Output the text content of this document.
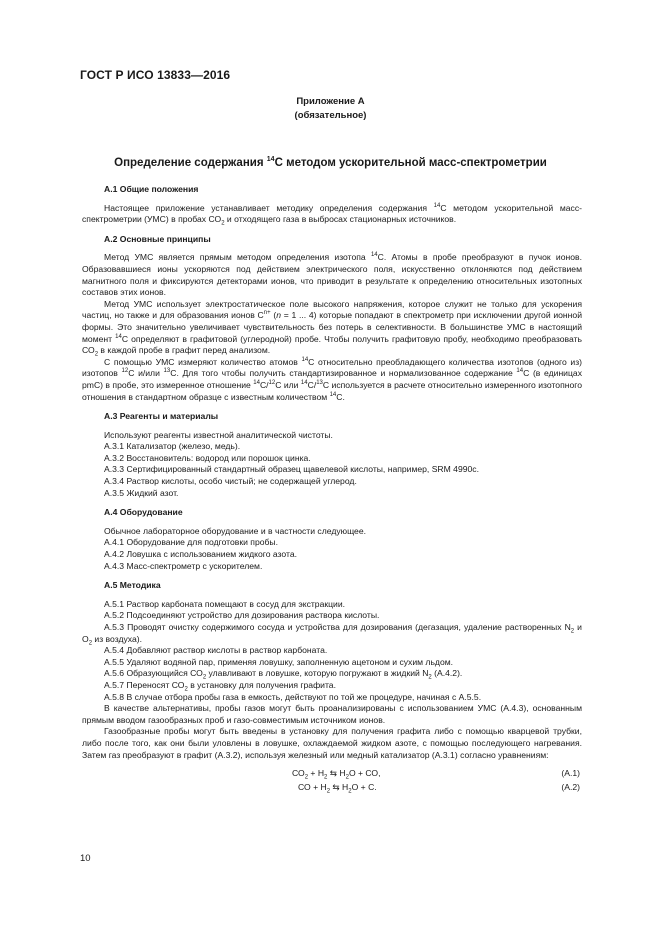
ГОСТ Р ИСО 13833—2016
Приложение А
(обязательное)
Определение содержания $^{14}$С методом ускорительной масс-спектрометрии

А.1 Общие положения

Настоящее приложение устанавливает методику определения содержания $^{14}$С методом ускорительной масс-спектрометрии (УМС) в пробах $СО_2$ и отходящего газа в выбросах стационарных источников.

А.2 Основные принципы

Метод УМС является прямым методом определения изотопа $^{14}$С. Атомы в пробе преобразуют в пучок ионов. Образовавшиеся ионы ускоряются под действием электрического поля, искусственно отклоняются под действием магнитного поля и фиксируются детекторами ионов, что приводит в результате к определению относительных изотопных составов этих ионов.

Метод УМС использует электростатическое поле высокого напряжения, которое служит не только для ускорения частиц, но также и для образования ионов $С^{n+}$ (n = 1 ... 4) которые попадают в спектрометр при исключении другой ионной формы. Это значительно увеличивает чувствительность без потерь в селективности. В большинстве УМС в настоящий момент $^{14}$С определяют в графитовой (углеродной) пробе. Чтобы получить графитовую пробу, необходимо преобразовать $СО_2$ в каждой пробе в графит перед анализом.

С помощью УМС измеряют количество атомов $^{14}$С относительно преобладающего количества изотопов (одного из) изотопов $^{12}$С и/или $^{13}$С. Для того чтобы получить стандартизированное и нормализованное содержание $^{14}$С (в единицах pmC) в пробе, это измеренное отношение $^{14}$С/$^{12}$С или $^{14}$С/$^{13}$С используется в расчете относительно измеренного изотопного отношения в стандартном образце с известным количеством $^{14}$С.

А.3 Реагенты и материалы

Используют реагенты известной аналитической чистоты.

А.3.1 Катализатор (железо, медь).

А.3.2 Восстановитель: водород или порошок цинка.

А.3.3 Сертифицированный стандартный образец щавелевой кислоты, например, SRM 4990c.

А.3.4 Раствор кислоты, особо чистый; не содержащей углерод.

А.3.5 Жидкий азот.

А.4 Оборудование

Обычное лабораторное оборудование и в частности следующее.

А.4.1 Оборудование для подготовки пробы.

А.4.2 Ловушка с использованием жидкого азота.

А.4.3 Масс-спектрометр с ускорителем.

А.5 Методика

А.5.1 Раствор карбоната помещают в сосуд для экстракции.

А.5.2 Подсоединяют устройство для дозирования раствора кислоты.

А.5.3 Проводят очистку содержимого сосуда и устройства для дозирования (дегазация, удаление растворенных $N_2$ и $O_2$ из воздуха).

А.5.4 Добавляют раствор кислоты в раствор карбоната.

А.5.5 Удаляют водяной пар, применяя ловушку, заполненную ацетоном и сухим льдом.

А.5.6 Образующийся $СО_2$ улавливают в ловушке, которую погружают в жидкий $N_2$ (А.4.2).

А.5.7 Переносят $СО_2$ в установку для получения графита.

А.5.8 В случае отбора пробы газа в емкость, действуют по той же процедуре, начиная с А.5.5.

В качестве альтернативы, пробы газов могут быть проанализированы с использованием УМС (А.4.3), основанным прямым вводом газообразных проб и газо-совместимым источником ионов.

Газообразные пробы могут быть введены в установку для получения графита либо с помощью кварцевой трубки, либо после того, как они были уловлены в ловушке, охлаждаемой жидком азоте, с помощью последующего нагревания. Затем газ преобразуют в графит (А.3.2), используя железный или медный катализатор (А.3.1) согласно уравнениям:

$СО_2 + H_2$ ⇆ $H_2O$ + СО,	(А.1)
СО + $H_2$ ⇆ $H_2O + С$.	(А.2)
10
